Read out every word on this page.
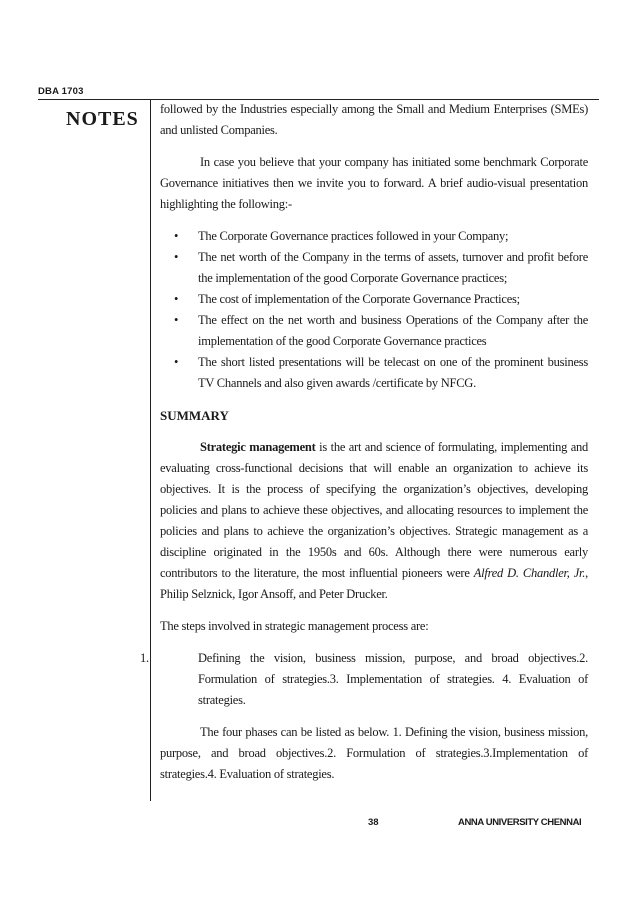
DBA 1703
NOTES followed by the Industries especially among the Small and Medium Enterprises (SMEs) and unlisted Companies.

In case you believe that your company has initiated some benchmark Corporate Governance initiatives then we invite you to forward. A brief audio-visual presentation highlighting the following:-

• The Corporate Governance practices followed in your Company;
• The net worth of the Company in the terms of assets, turnover and profit before the implementation of the good Corporate Governance practices;
• The cost of implementation of the Corporate Governance Practices;
• The effect on the net worth and business Operations of the Company after the implementation of the good Corporate Governance practices
• The short listed presentations will be telecast on one of the prominent business TV Channels and also given awards /certificate by NFCG.

SUMMARY

Strategic management is the art and science of formulating, implementing and evaluating cross-functional decisions that will enable an organization to achieve its objectives. It is the process of specifying the organization’s objectives, developing policies and plans to achieve these objectives, and allocating resources to implement the policies and plans to achieve the organization’s objectives. Strategic management as a discipline originated in the 1950s and 60s. Although there were numerous early contributors to the literature, the most influential pioneers were Alfred D. Chandler, Jr., Philip Selznick, Igor Ansoff, and Peter Drucker.

The steps involved in strategic management process are:

1.	Defining the vision, business mission, purpose, and broad objectives.2. Formulation of strategies.3. Implementation of strategies. 4. Evaluation of strategies.

The four phases can be listed as below. 1. Defining the vision, business mission, purpose, and broad objectives.2. Formulation of strategies.3.Implementation of strategies.4. Evaluation of strategies.

38	ANNA UNIVERSITY CHENNAI
